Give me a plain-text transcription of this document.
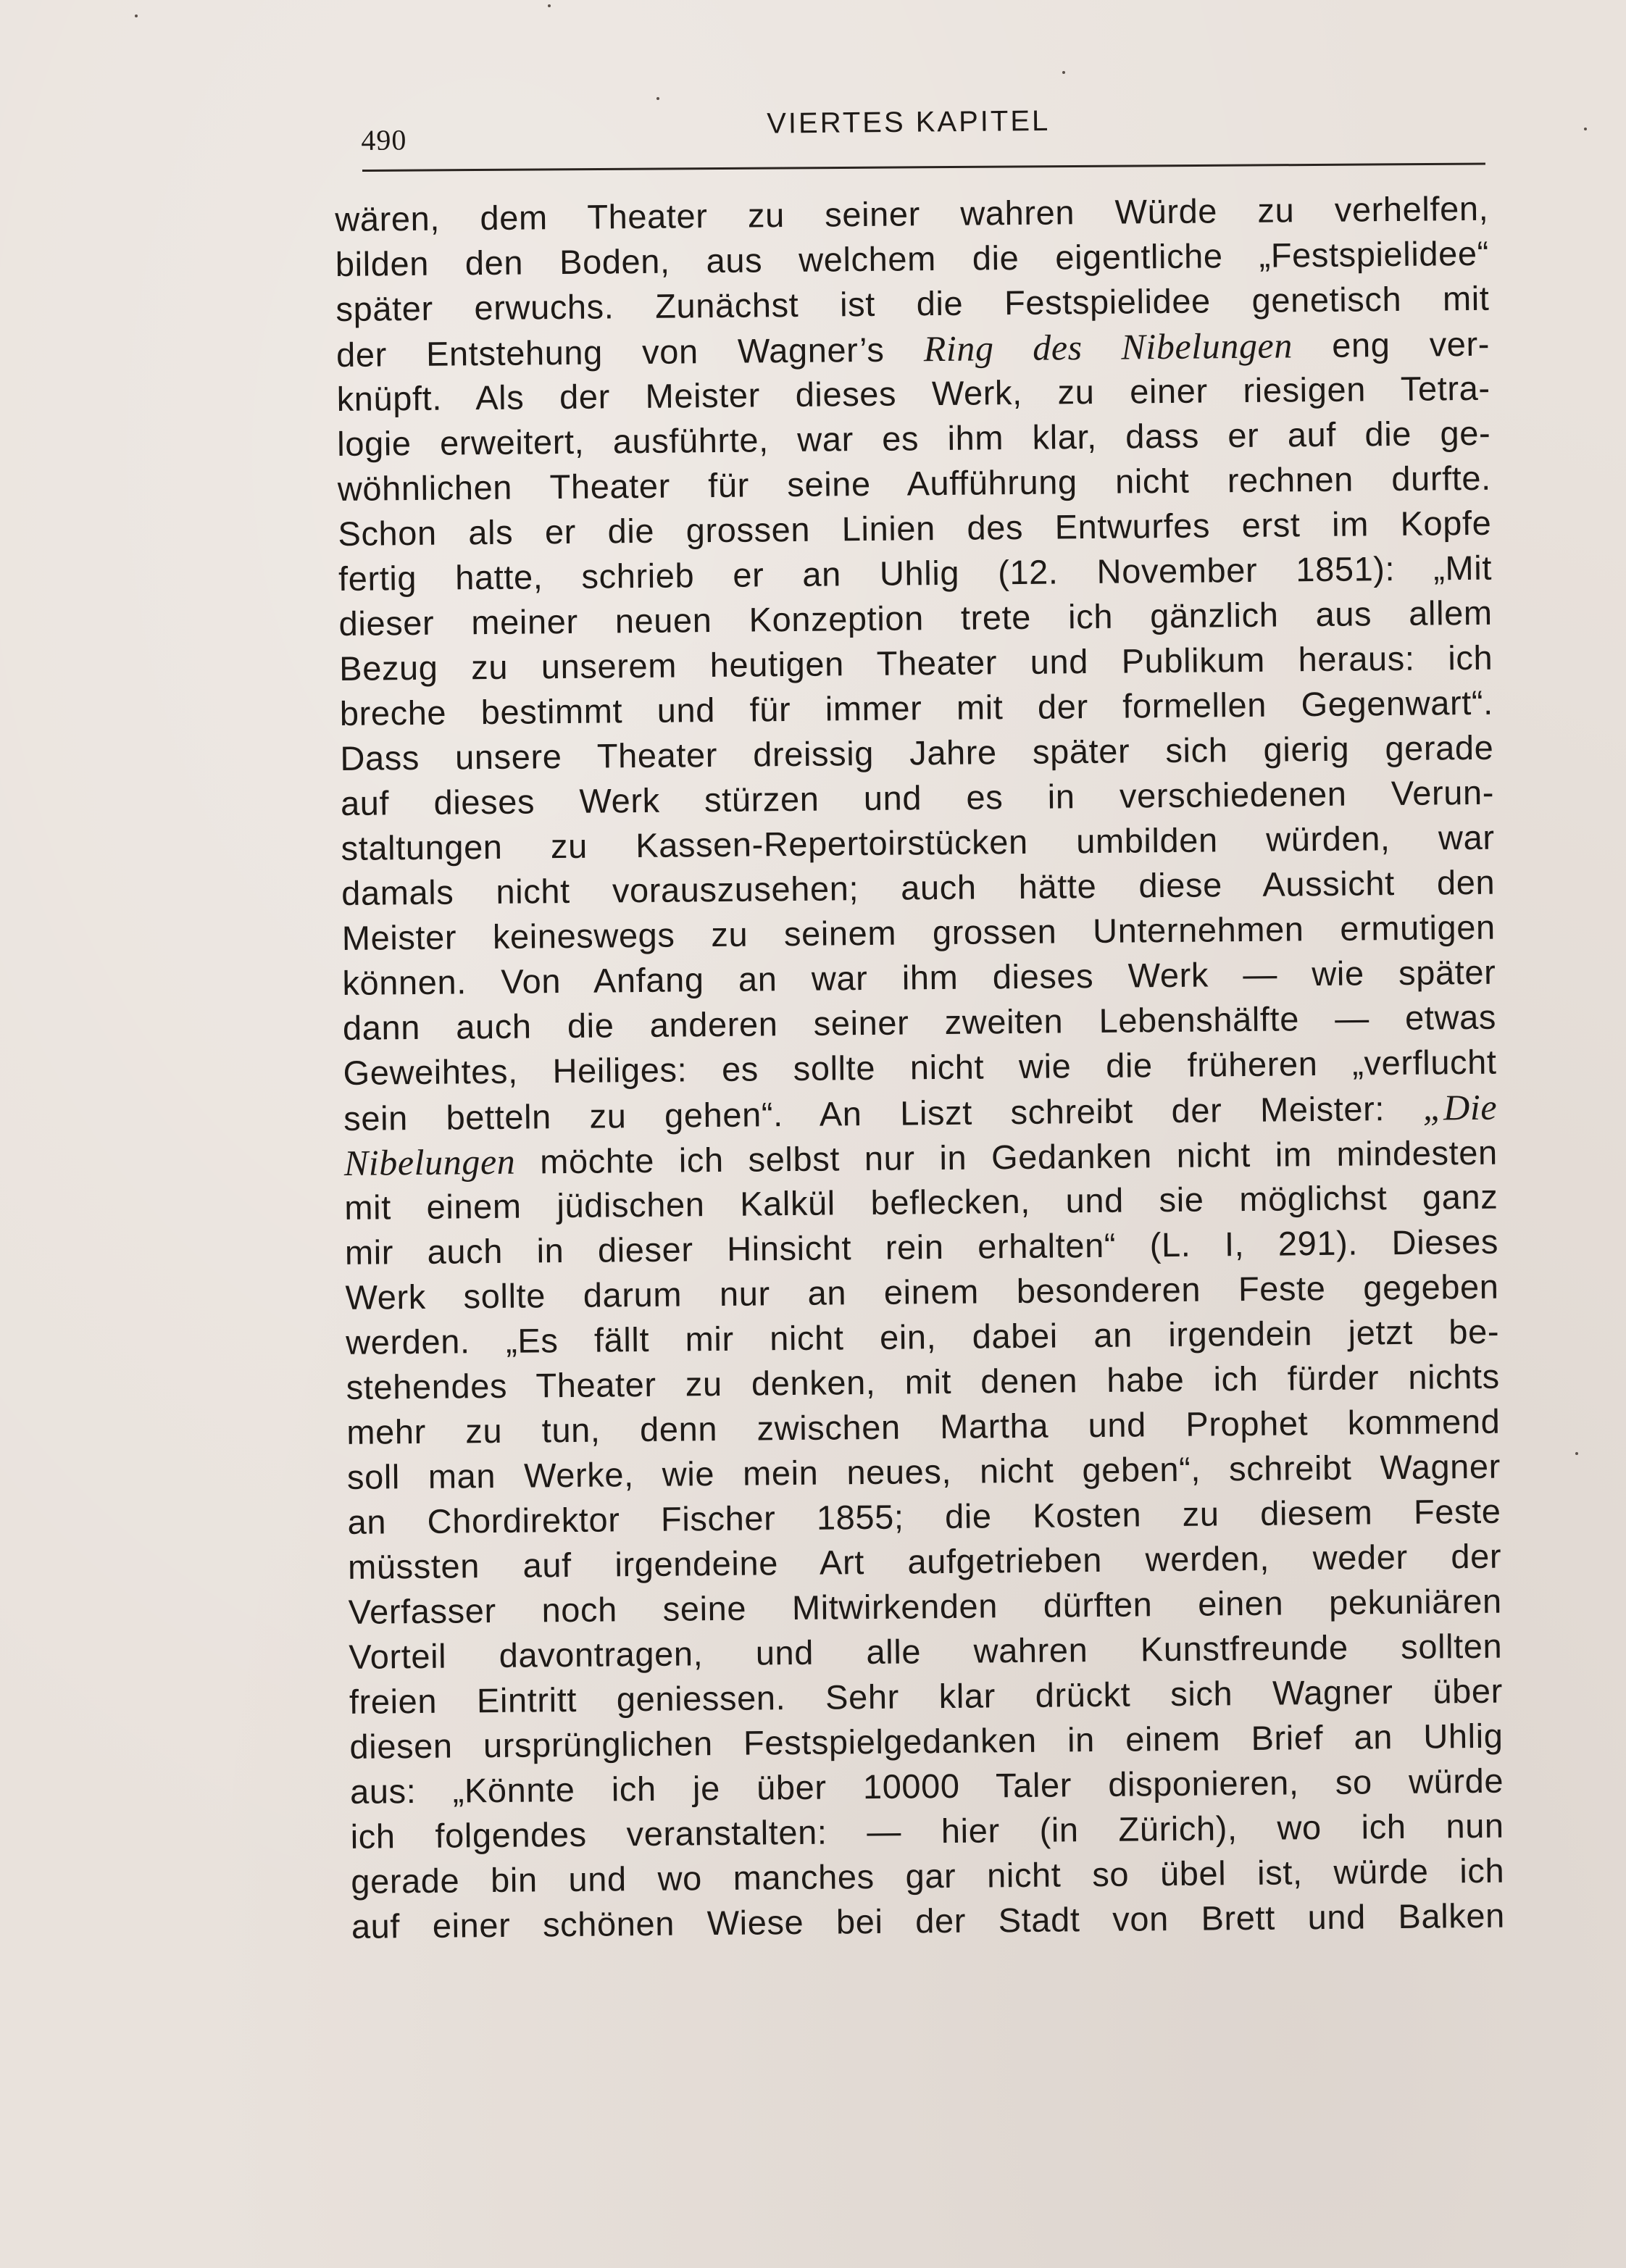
490
VIERTES KAPITEL
wären, dem Theater zu seiner wahren Würde zu verhelfen,
bilden den Boden, aus welchem die eigentliche „Festspielidee“
später erwuchs. Zunächst ist die Festspielidee genetisch mit
der Entstehung von Wagner’s Ring des Nibelungen eng ver-
knüpft. Als der Meister dieses Werk, zu einer riesigen Tetra-
logie erweitert, ausführte, war es ihm klar, dass er auf die ge-
wöhnlichen Theater für seine Aufführung nicht rechnen durfte.
Schon als er die grossen Linien des Entwurfes erst im Kopfe
fertig hatte, schrieb er an Uhlig (12. November 1851): „Mit
dieser meiner neuen Konzeption trete ich gänzlich aus allem
Bezug zu unserem heutigen Theater und Publikum heraus: ich
breche bestimmt und für immer mit der formellen Gegenwart“.
Dass unsere Theater dreissig Jahre später sich gierig gerade
auf dieses Werk stürzen und es in verschiedenen Verun-
staltungen zu Kassen-Repertoirstücken umbilden würden, war
damals nicht vorauszusehen; auch hätte diese Aussicht den
Meister keineswegs zu seinem grossen Unternehmen ermutigen
können. Von Anfang an war ihm dieses Werk — wie später
dann auch die anderen seiner zweiten Lebenshälfte — etwas
Geweihtes, Heiliges: es sollte nicht wie die früheren „verflucht
sein betteln zu gehen“. An Liszt schreibt der Meister: „Die
Nibelungen möchte ich selbst nur in Gedanken nicht im mindesten
mit einem jüdischen Kalkül beflecken, und sie möglichst ganz
mir auch in dieser Hinsicht rein erhalten“ (L. I, 291). Dieses
Werk sollte darum nur an einem besonderen Feste gegeben
werden. „Es fällt mir nicht ein, dabei an irgendein jetzt be-
stehendes Theater zu denken, mit denen habe ich fürder nichts
mehr zu tun, denn zwischen Martha und Prophet kommend
soll man Werke, wie mein neues, nicht geben“, schreibt Wagner
an Chordirektor Fischer 1855; die Kosten zu diesem Feste
müssten auf irgendeine Art aufgetrieben werden, weder der
Verfasser noch seine Mitwirkenden dürften einen pekuniären
Vorteil davontragen, und alle wahren Kunstfreunde sollten
freien Eintritt geniessen. Sehr klar drückt sich Wagner über
diesen ursprünglichen Festspielgedanken in einem Brief an Uhlig
aus: „Könnte ich je über 10000 Taler disponieren, so würde
ich folgendes veranstalten: — hier (in Zürich), wo ich nun
gerade bin und wo manches gar nicht so übel ist, würde ich
auf einer schönen Wiese bei der Stadt von Brett und Balken
